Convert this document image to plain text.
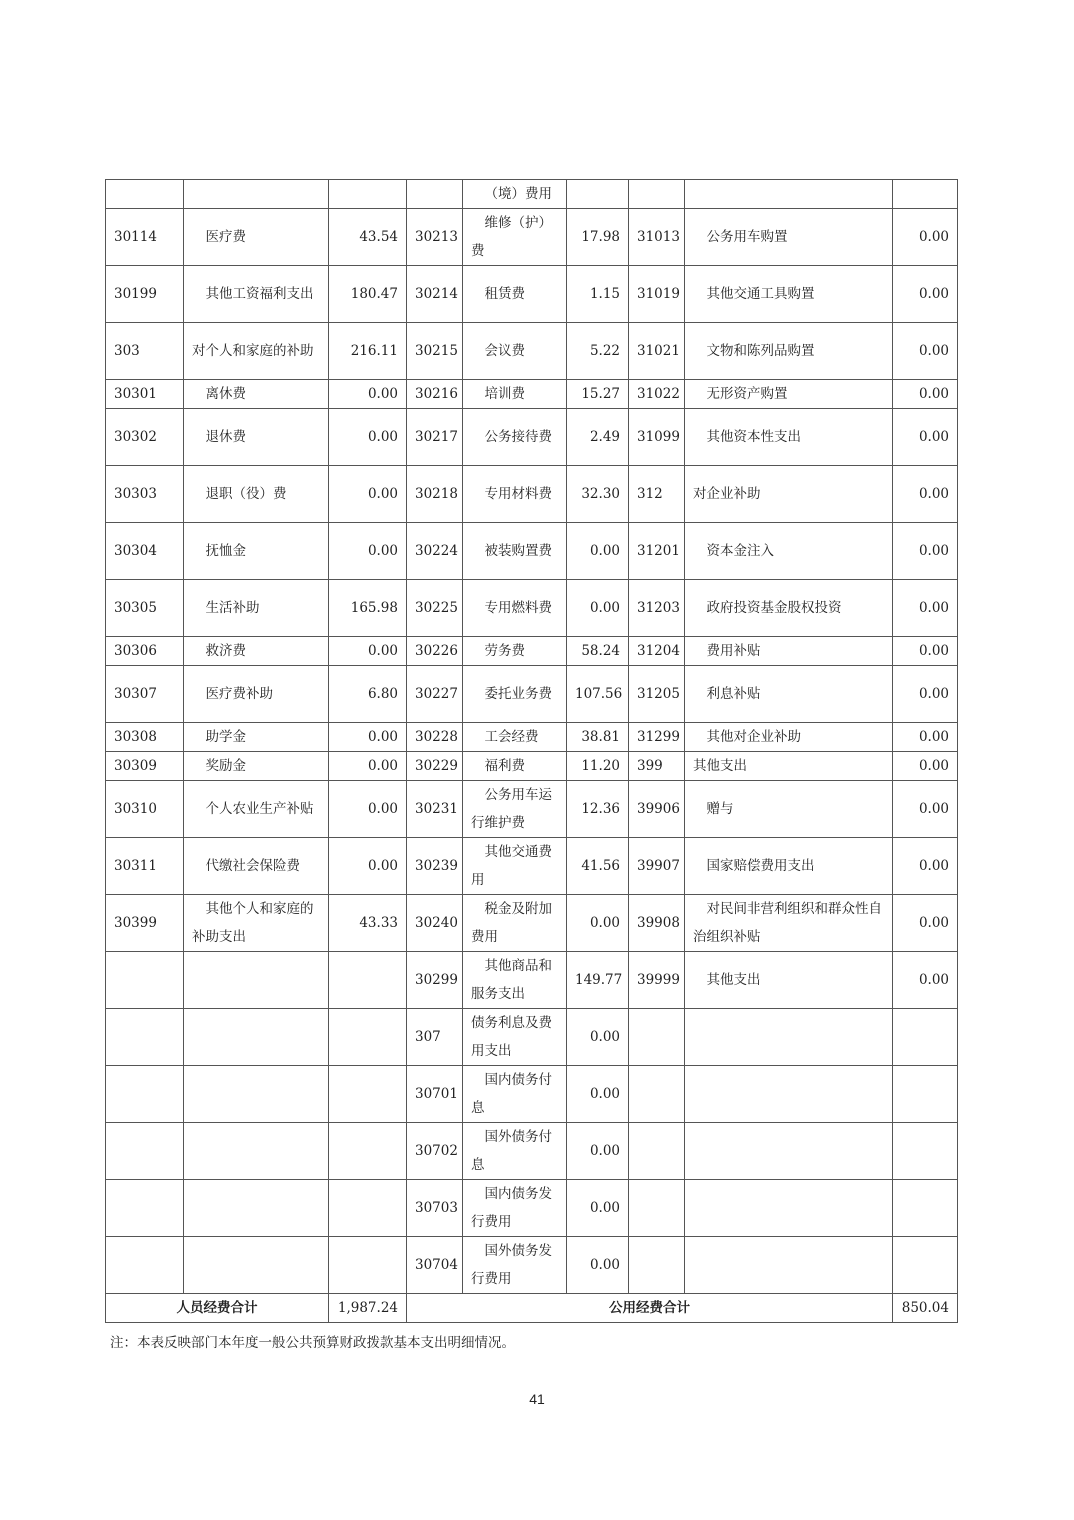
				（境）费用				
30114	医疗费	43.54	30213	维修（护）费	17.98	31013	公务用车购置	0.00
30199	其他工资福利支出	180.47	30214	租赁费	1.15	31019	其他交通工具购置	0.00
303	对个人和家庭的补助	216.11	30215	会议费	5.22	31021	文物和陈列品购置	0.00
30301	离休费	0.00	30216	培训费	15.27	31022	无形资产购置	0.00
30302	退休费	0.00	30217	公务接待费	2.49	31099	其他资本性支出	0.00
30303	退职（役）费	0.00	30218	专用材料费	32.30	312	对企业补助	0.00
30304	抚恤金	0.00	30224	被装购置费	0.00	31201	资本金注入	0.00
30305	生活补助	165.98	30225	专用燃料费	0.00	31203	政府投资基金股权投资	0.00
30306	救济费	0.00	30226	劳务费	58.24	31204	费用补贴	0.00
30307	医疗费补助	6.80	30227	委托业务费	107.56	31205	利息补贴	0.00
30308	助学金	0.00	30228	工会经费	38.81	31299	其他对企业补助	0.00
30309	奖励金	0.00	30229	福利费	11.20	399	其他支出	0.00
30310	个人农业生产补贴	0.00	30231	公务用车运行维护费	12.36	39906	赠与	0.00
30311	代缴社会保险费	0.00	30239	其他交通费用	41.56	39907	国家赔偿费用支出	0.00
30399	其他个人和家庭的补助支出	43.33	30240	税金及附加费用	0.00	39908	对民间非营利组织和群众性自治组织补贴	0.00
			30299	其他商品和服务支出	149.77	39999	其他支出	0.00
			307	债务利息及费用支出	0.00			
			30701	国内债务付息	0.00			
			30702	国外债务付息	0.00			
			30703	国内债务发行费用	0.00			
			30704	国外债务发行费用	0.00			
人员经费合计		1,987.24	公用经费合计					850.04

注：本表反映部门本年度一般公共预算财政拨款基本支出明细情况。

41
